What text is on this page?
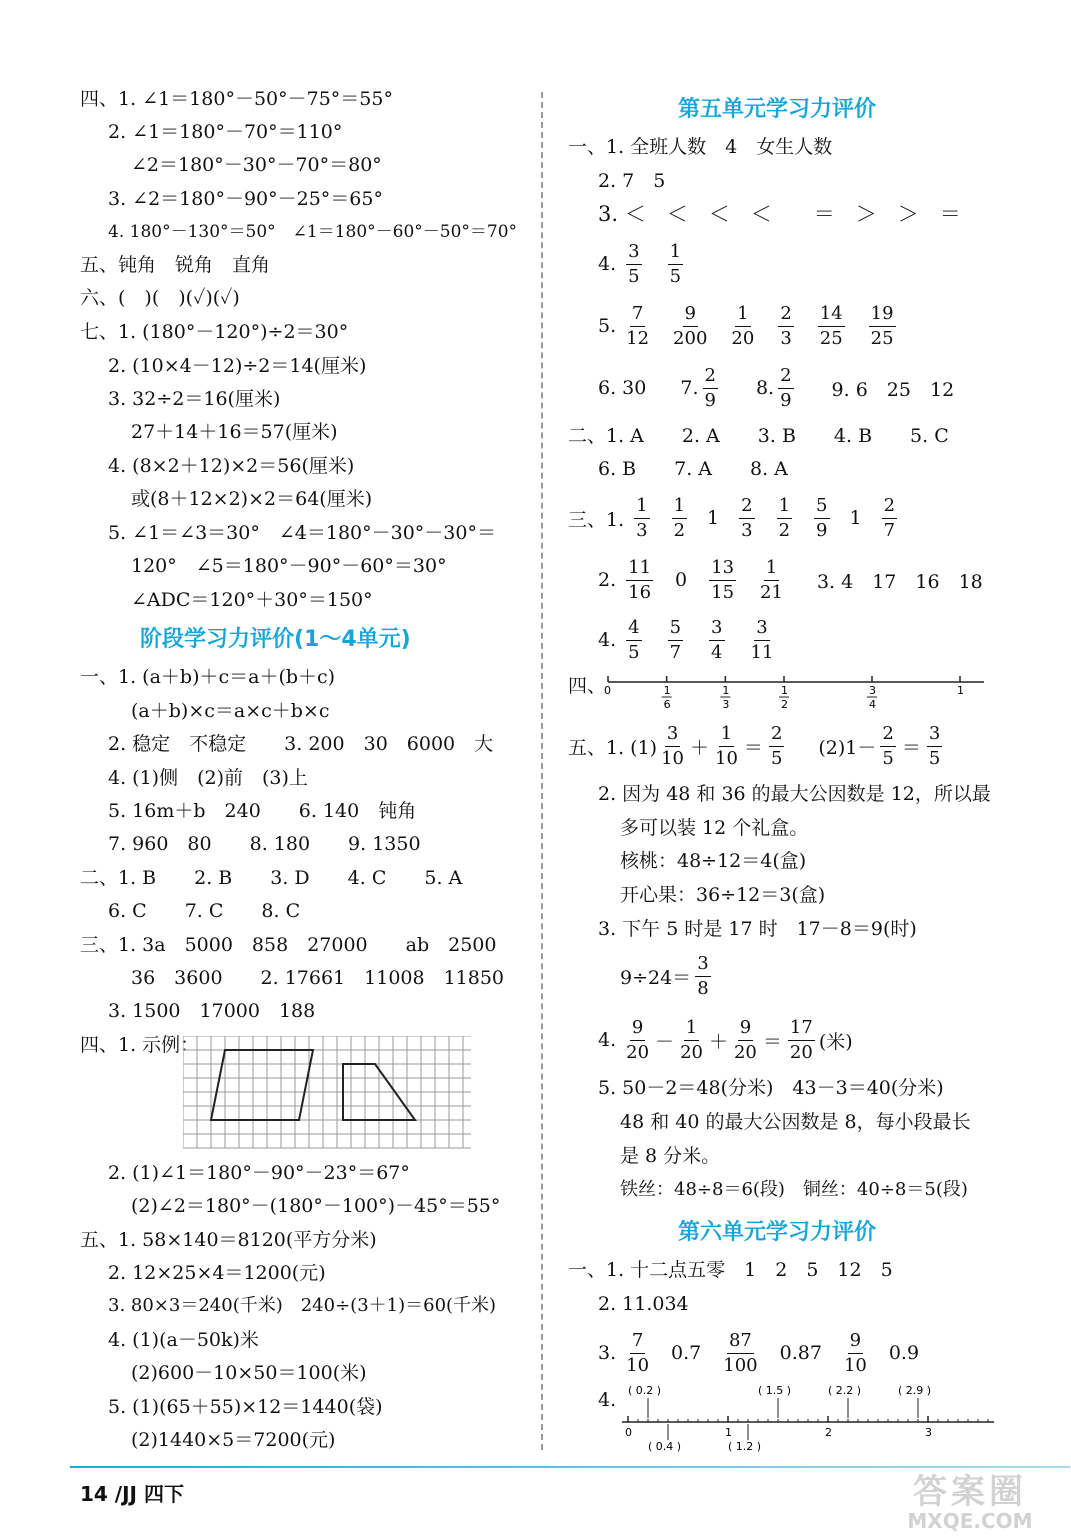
四、1. ∠1＝180°－50°－75°＝55°
2. ∠1＝180°－70°＝110°
∠2＝180°－30°－70°＝80°
3. ∠2＝180°－90°－25°＝65°
4. 180°－130°＝50°　∠1＝180°－60°－50°＝70°
五、钝角　锐角　直角
六、(　)(　)(✓)(✓)
七、1. (180°－120°)÷2＝30°
2. (10×4－12)÷2＝14(厘米)
3. 32÷2＝16(厘米)
27＋14＋16＝57(厘米)
4. (8×2＋12)×2＝56(厘米)
或(8＋12×2)×2＝64(厘米)
5. ∠1＝∠3＝30°　∠4＝180°－30°－30°＝
120°　∠5＝180°－90°－60°＝30°
∠ADC＝120°＋30°＝150°
阶段学习力评价(1～4单元)
一、1. (a＋b)＋c＝a＋(b＋c)
(a＋b)×c＝a×c＋b×c
2. 稳定　不稳定　　3. 200　30　6000　大
4. (1)侧　(2)前　(3)上
5. 16m＋b　240　　6. 140　钝角
7. 960　80　　8. 180　　9. 1350
二、1. B　　2. B　　3. D　　4. C　　5. A
6. C　　7. C　　8. C
三、1. 3a　5000　858　27000　　ab　2500
36　3600　　2. 17661　11008　11850
3. 1500　17000　188
四、1. 示例：
2. (1)∠1＝180°－90°－23°＝67°
(2)∠2＝180°－(180°－100°)－45°＝55°
五、1. 58×140＝8120(平方分米)
2. 12×25×4＝1200(元)
3. 80×3＝240(千米)　240÷(3＋1)＝60(千米)
4. (1)(a－50k)米
(2)600－10×50＝100(米)
5. (1)(65＋55)×12＝1440(袋)
(2)1440×5＝7200(元)
第五单元学习力评价
一、1. 全班人数　4　女生人数
2. 7　5
3. ＜　＜　＜　＜　　＝　＞　＞　＝
4. $\frac{3}{5} \frac{1}{5}$
5. $\frac{7}{12} \frac{9}{200} \frac{1}{20} \frac{2}{3} \frac{14}{25} \frac{19}{25}$
6. 30 7. $\frac{2}{9} 8$. $\frac{2}{9} 9$. 6　25　12
二、1. A　　2. A　　3. B　　4. B　　5. C
6. B　　7. A　　8. A
三、1. $\frac{1}{3} \frac{1}{2} 1 \frac{2}{3} \frac{1}{2} \frac{5}{9} 1 \frac{2}{7}$
2. $\frac{11}{16} 0 \frac{13}{15} \frac{1}{21} 3$. 4　17　16　18
4. $\frac{4}{5} \frac{5}{7} \frac{3}{4} \frac{3}{11}$
四、
0	1
1
6
1
3
1
2
3
4
五、1. $(1) \frac{3}{10} + \frac{1}{10} = \frac{2}{5} (2)1- \frac{2}{5} = \frac{3}{5}$
2. 因为 48 和 36 的最大公因数是 12，所以最
多可以装 12 个礼盒。
核桃：48÷12＝4(盒)
开心果：36÷12＝3(盒)
3. 下午 5 时是 17 时　17－8＝9(时)
$9\div 24= \frac{3}{8}$
4. $\frac{9}{20} - \frac{1}{20} + \frac{9}{20} = \frac{17}{20}$ (米)
5. 50－2＝48(分米)　43－3＝40(分米)
48 和 40 的最大公因数是 8，每小段最长
是 8 分米。
铁丝：48÷8＝6(段)　铜丝：40÷8＝5(段)
第六单元学习力评价
一、1. 十二点五零　1　2　5　12　5
2. 11.034
3. $\frac{7}{10} 0.7 \frac{87}{100} 0.87 \frac{9}{10} 0.9$
4.
0	1	2	3
( 0.2 )	( 1.5 )	( 2.2 )	( 2.9 )
( 0.4 )	( 1.2 )
14 /JJ 四下	答案圈
MXQE.COM
